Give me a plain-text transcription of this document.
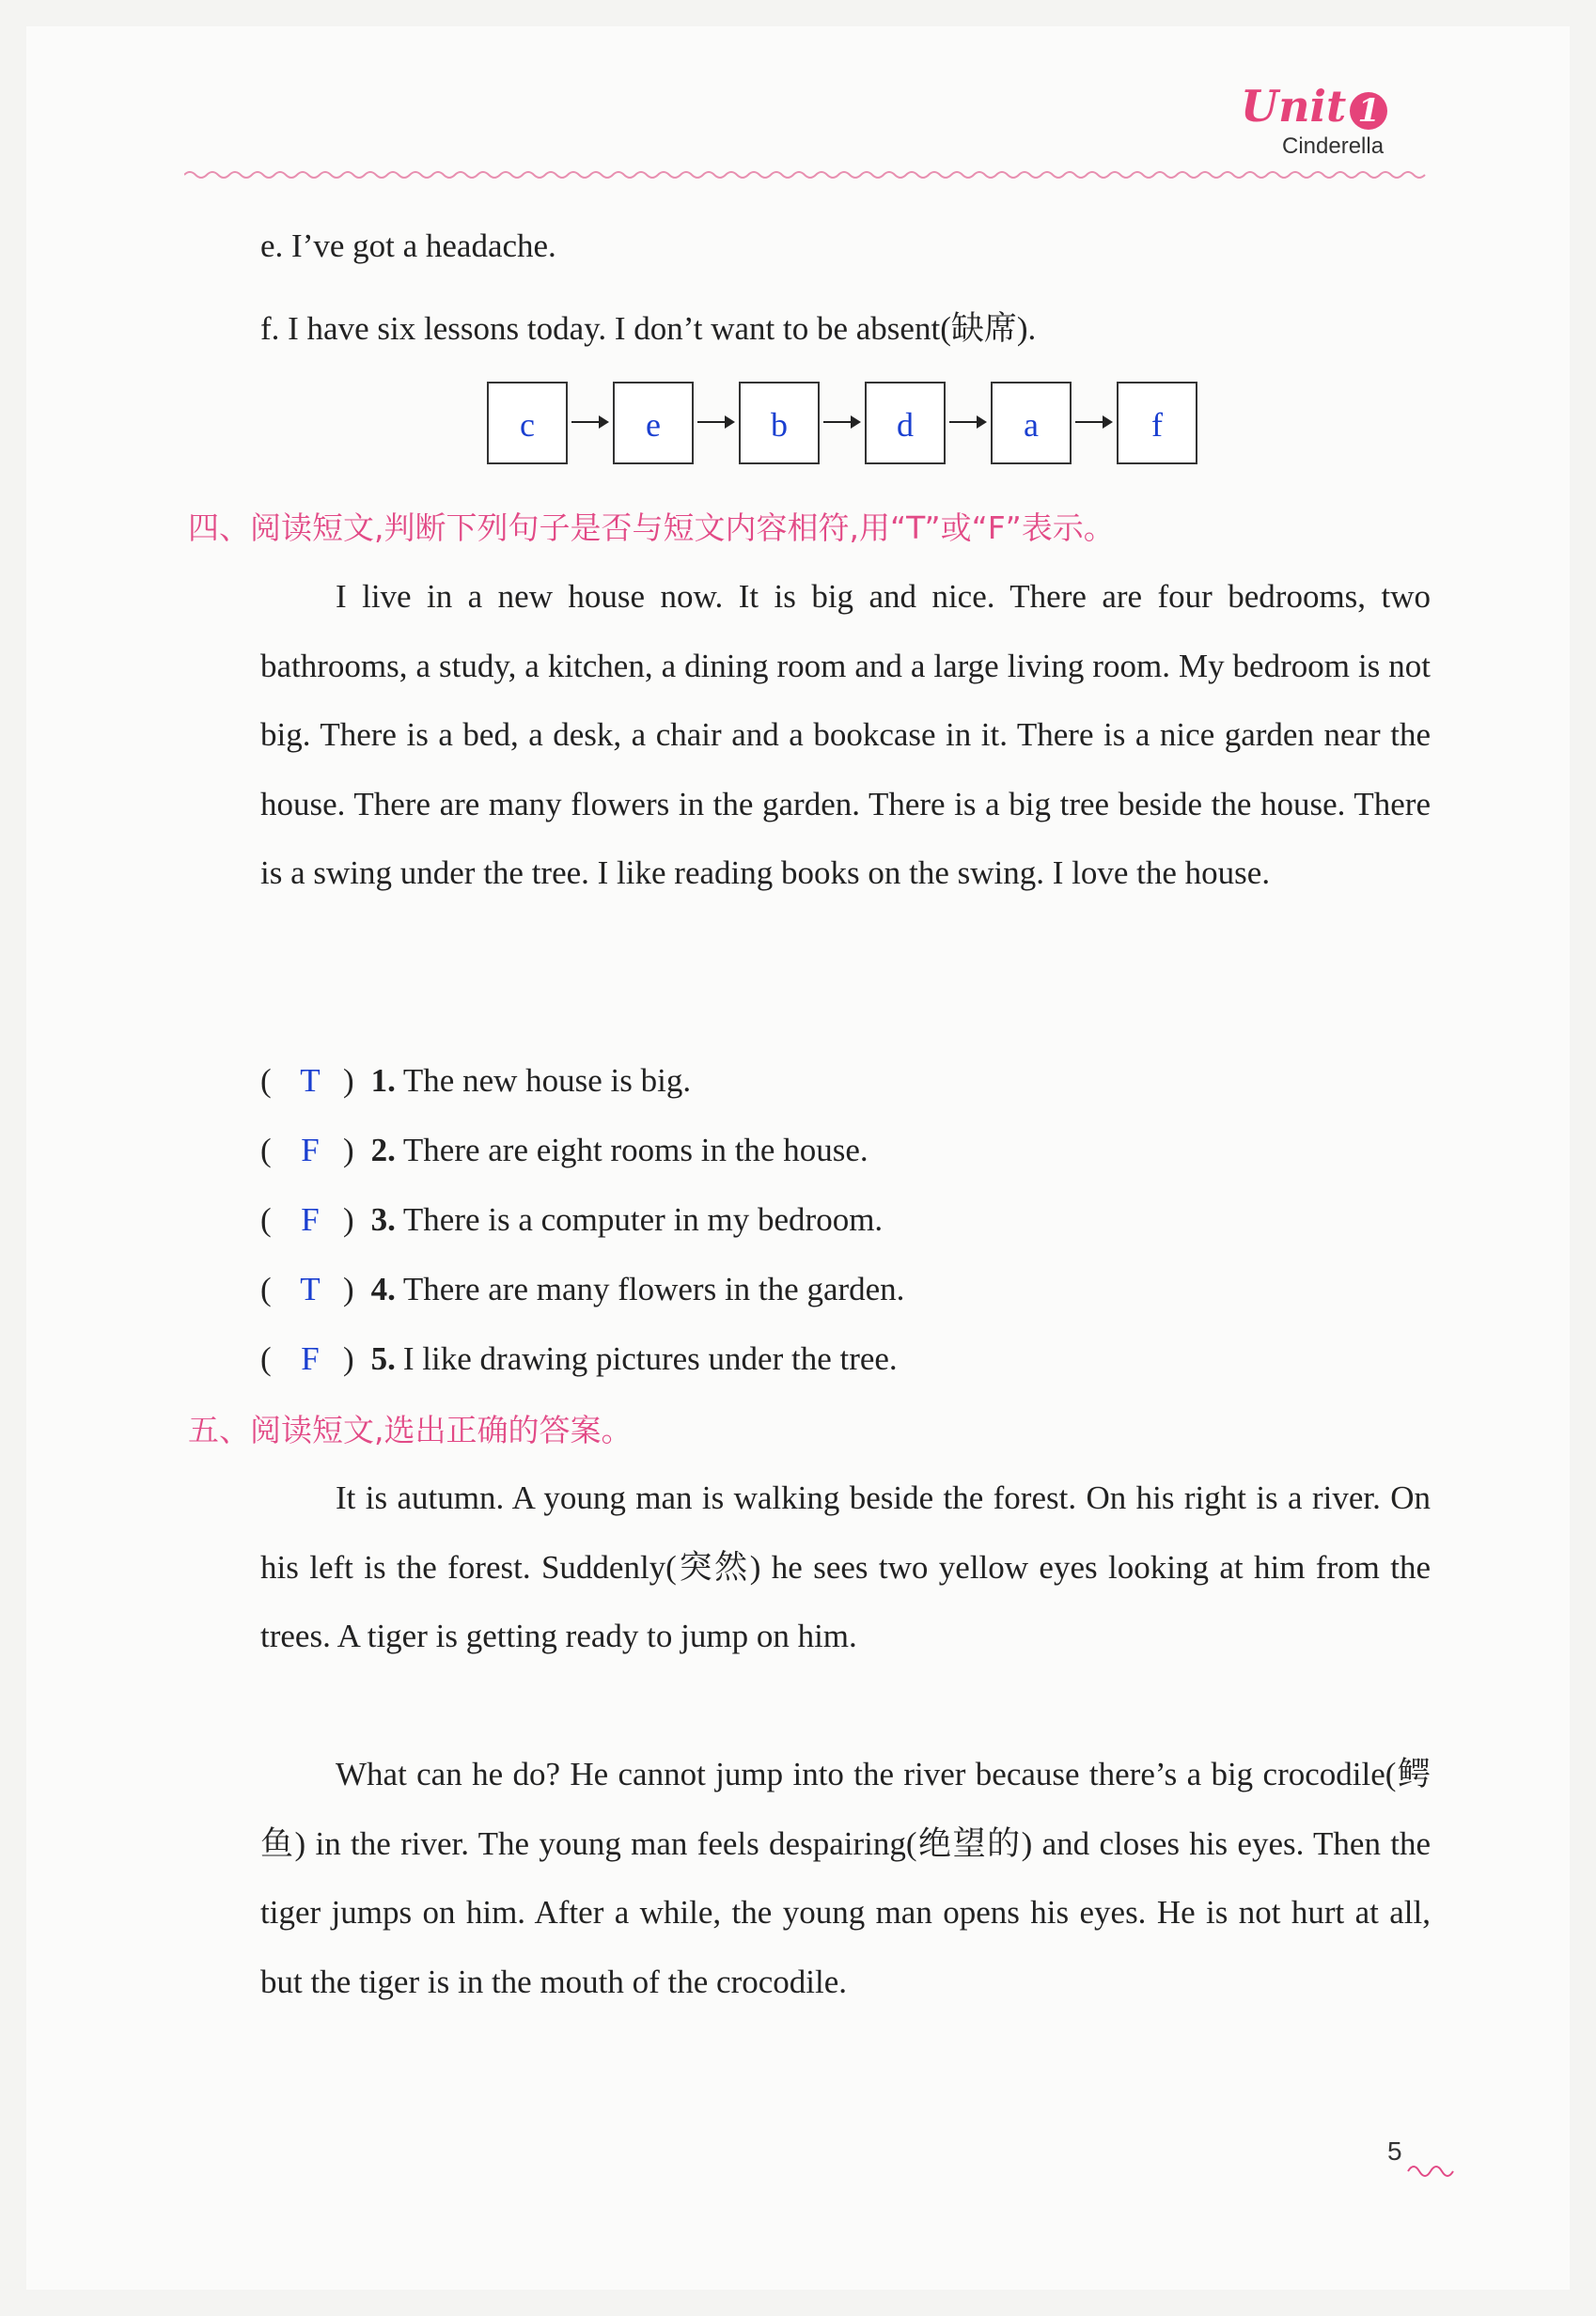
Unit 1
Cinderella
e. I’ve got a headache.
f. I have six lessons today. I don’t want to be absent(缺席).
c	e	b	d	a	f
四、阅读短文,判断下列句子是否与短文内容相符,用“T”或“F”表示。
I live in a new house now. It is big and nice. There are four bedrooms, two bathrooms, a study, a kitchen, a dining room and a large living room. My bedroom is not big. There is a bed, a desk, a chair and a bookcase in it. There is a nice garden near the house. There are many flowers in the garden. There is a big tree beside the house. There is a swing under the tree. I like reading books on the swing. I love the house.
( T ) 1. The new house is big.
( F ) 2. There are eight rooms in the house.
( F ) 3. There is a computer in my bedroom.
( T ) 4. There are many flowers in the garden.
( F ) 5. I like drawing pictures under the tree.
五、阅读短文,选出正确的答案。
It is autumn. A young man is walking beside the forest. On his right is a river. On his left is the forest. Suddenly(突然) he sees two yellow eyes looking at him from the trees. A tiger is getting ready to jump on him.
What can he do? He cannot jump into the river because there’s a big crocodile(鳄鱼) in the river. The young man feels despairing(绝望的) and closes his eyes. Then the tiger jumps on him. After a while, the young man opens his eyes. He is not hurt at all, but the tiger is in the mouth of the crocodile.
5
